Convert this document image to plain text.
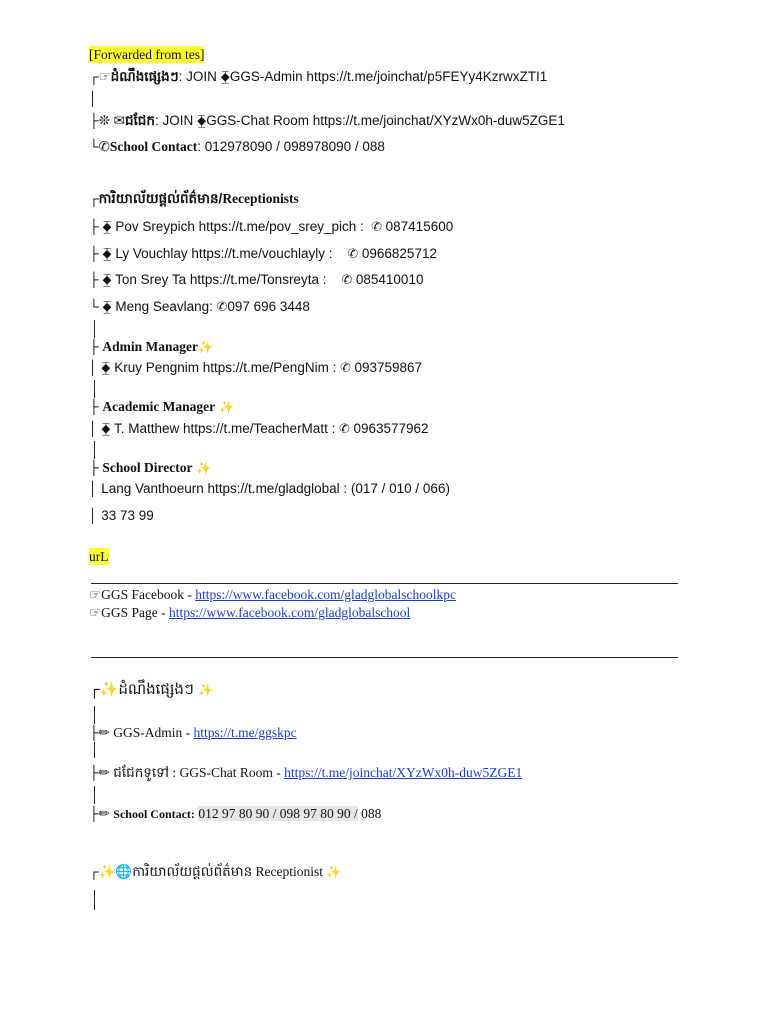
[Forwarded from tes]
┌☞ដំណឹងផ្សេងៗ: JOIN ⧱GGS-Admin https://t.me/joinchat/p5FEYy4KzrwxZTI1
│
├❊ ✉ជជែក: JOIN ⧱GGS-Chat Room https://t.me/joinchat/XYzWx0h-duw5ZGE1
└✆School Contact: 012978090 / 098978090 / 088
┌ការិយាល័យផ្ដល់ព័ត៌មាន/Receptionists
├ ⧱ Pov Sreypich https://t.me/pov_srey_pich : ✆ 087415600
├ ⧱ Ly Vouchlay https://t.me/vouchlayly : ✆ 0966825712
├ ⧱ Ton Srey Ta https://t.me/Tonsreyta : ✆ 085410010
└ ⧱ Meng Seavlang: ✆097 696 3448
├ Admin Manager✨
│ ⧱ Kruy Pengnim https://t.me/PengNim : ✆ 093759867
├ Academic Manager ✨
│ ⧱ T. Matthew https://t.me/TeacherMatt : ✆ 0963577962
├ School Director ✨
│ Lang Vanthoeurn https://t.me/gladglobal : (017 / 010 / 066)
│ 33 73 99
urL
☞GGS Facebook - https://www.facebook.com/gladglobalschoolkpc
☞GGS Page - https://www.facebook.com/gladglobalschool
┌✨ដំណឹងផ្សេងៗ ✨
├✏ GGS-Admin - https://t.me/ggskpc
├✏ ជជែកទូទៅ : GGS-Chat Room - https://t.me/joinchat/XYzWx0h-duw5ZGE1
├✏ School Contact: 012 97 80 90 / 098 97 80 90 / 088
┌✨🌐ការិយាល័យផ្ដល់ព័ត៌មាន Receptionist ✨
